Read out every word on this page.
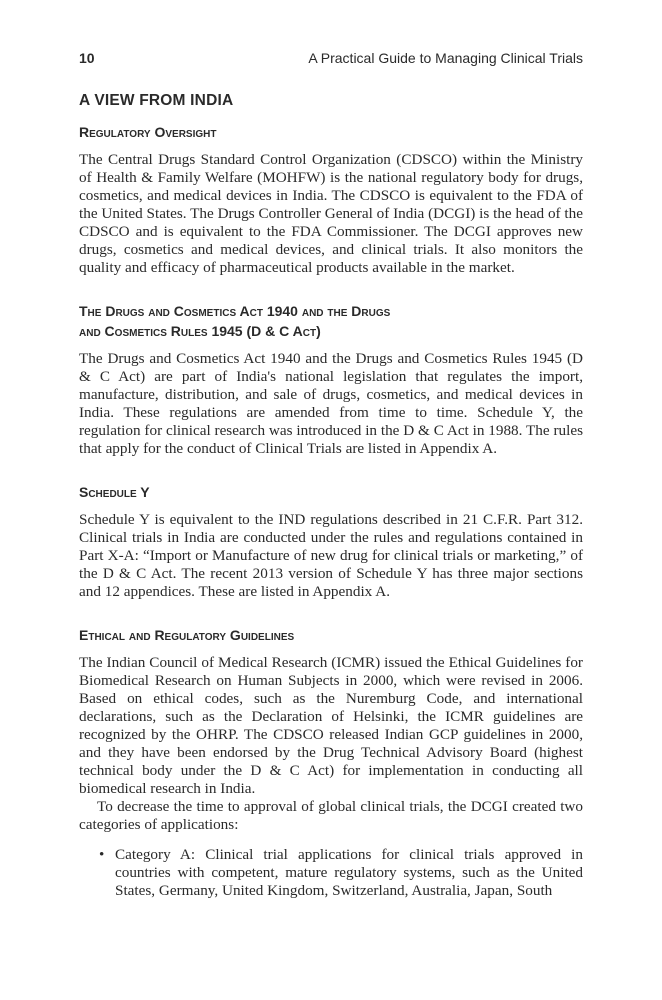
10	A Practical Guide to Managing Clinical Trials
A VIEW FROM INDIA
Regulatory Oversight

The Central Drugs Standard Control Organization (CDSCO) within the Ministry of Health & Family Welfare (MOHFW) is the national regulatory body for drugs, cosmetics, and medical devices in India. The CDSCO is equivalent to the FDA of the United States. The Drugs Controller General of India (DCGI) is the head of the CDSCO and is equivalent to the FDA Commissioner. The DCGI approves new drugs, cosmetics and medical devices, and clinical trials. It also monitors the quality and efficacy of pharmaceutical products available in the market.

The Drugs and Cosmetics Act 1940 and the Drugs
and Cosmetics Rules 1945 (D & C Act)

The Drugs and Cosmetics Act 1940 and the Drugs and Cosmetics Rules 1945 (D & C Act) are part of India's national legislation that regulates the import, manufacture, distribution, and sale of drugs, cosmetics, and medical devices in India. These regulations are amended from time to time. Schedule Y, the regulation for clinical research was introduced in the D & C Act in 1988. The rules that apply for the conduct of Clinical Trials are listed in Appendix A.

Schedule Y

Schedule Y is equivalent to the IND regulations described in 21 C.F.R. Part 312. Clinical trials in India are conducted under the rules and regulations contained in Part X-A: “Import or Manufacture of new drug for clinical trials or marketing,” of the D & C Act. The recent 2013 version of Schedule Y has three major sections and 12 appendices. These are listed in Appendix A.

Ethical and Regulatory Guidelines

The Indian Council of Medical Research (ICMR) issued the Ethical Guidelines for Biomedical Research on Human Subjects in 2000, which were revised in 2006. Based on ethical codes, such as the Nuremburg Code, and international declarations, such as the Declaration of Helsinki, the ICMR guidelines are recognized by the OHRP. The CDSCO released Indian GCP guidelines in 2000, and they have been endorsed by the Drug Technical Advisory Board (highest technical body under the D & C Act) for implementation in conducting all biomedical research in India.

To decrease the time to approval of global clinical trials, the DCGI created two categories of applications:

• Category A: Clinical trial applications for clinical trials approved in countries with competent, mature regulatory systems, such as the United States, Germany, United Kingdom, Switzerland, Australia, Japan, South
